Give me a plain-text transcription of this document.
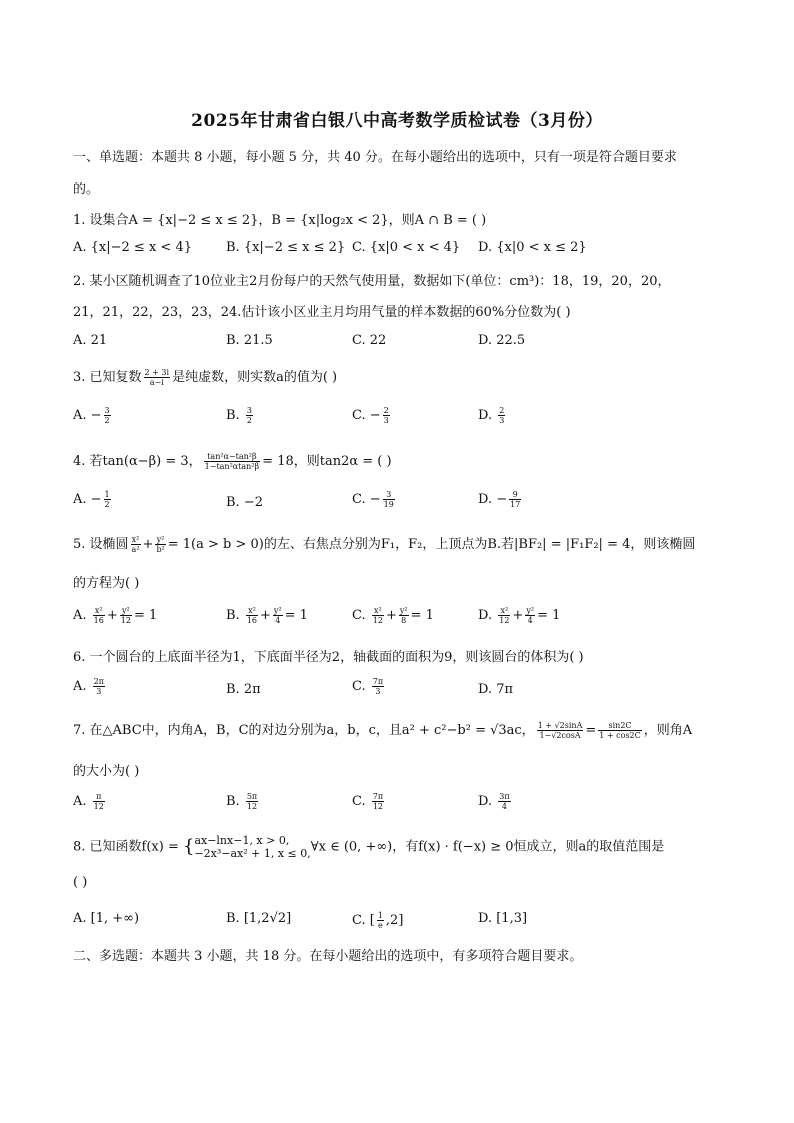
2025年甘肃省白银八中高考数学质检试卷（3月份）
一、单选题：本题共 8 小题，每小题 5 分，共 40 分。在每小题给出的选项中，只有一项是符合题目要求
的。
1. 设集合A = {x|−2 ≤ x ≤ 2}，B = {x|log₂x < 2}，则A ∩ B = ( )
A. {x|−2 ≤ x < 4}	B. {x|−2 ≤ x ≤ 2} C. {x|0 < x < 4} D. {x|0 < x ≤ 2}
2. 某小区随机调查了10位业主2月份每户的天然气使用量，数据如下(单位：cm³)：18，19，20，20，
21，21，22，23，23，24.估计该小区业主月均用气量的样本数据的60%分位数为( )
A. 21	B. 21.5	C. 22	D. 22.5
3. 已知复数 $\frac{2 + 3i}{a-i}$ 是纯虚数，则实数a的值为( )
A. − $\frac{3}{2}$	B. $\frac{3}{2}$	C. − $\frac{2}{3}$	D. $\frac{2}{3}$
4. 若tan(α−β) = 3， $\frac{\text{tan²α−tan²β}}{\text{1−tan²αtan²β}} = 18$，则tan2α = ( )
A. − $\frac{1}{2}$	B. −2	C. − $\frac{3}{19}$	D. − $\frac{9}{17}$
5. 设椭圆 $\frac{\text{x²}}{\text{a²}} + \frac{\text{y²}}{\text{b²}} = 1(a > b > 0)$的左、右焦点分别为F₁，F₂，上顶点为B.若|BF₂| = |F₁F₂| = 4，则该椭圆
的方程为( )
A. $\frac{\text{x²}}{16} + \frac{\text{y²}}{12} = 1$	B. $\frac{\text{x²}}{16} + \frac{\text{y²}}{4} = 1$	C. $\frac{\text{x²}}{12} + \frac{\text{y²}}{8} = 1$	D. $\frac{\text{x²}}{12} + \frac{\text{y²}}{4} = 1$
6. 一个圆台的上底面半径为1，下底面半径为2，轴截面的面积为9，则该圆台的体积为( )
A. $\frac{2\pi}{3}$	B. 2π	C. $\frac{7\pi}{3}$	D. 7π
7. 在△ABC中，内角A，B，C的对边分别为a，b，c，且a² + c²−b² = √3ac， $\frac{1 + √2\sin A}{1-√2\cos A} = \frac{\sin 2C}{1 + \cos 2C}$ ，则角A
的大小为( )
A. $\frac{\pi}{12}$	B. $\frac{5\pi}{12}$	C. $\frac{7\pi}{12}$	D. $\frac{3\pi}{4}$
8. 已知函数f(x) = { ax−lnx−1, x > 0,
−2x³−ax² + 1, x ≤ 0, ∀x ∈ (0, +∞)，有f(x) · f(−x) ≥ 0恒成立，则a的取值范围是
( )
A. [1, +∞)	B. [1,2√2]	C. [ $\frac{1}{e} ,2$]	D. [1,3]
二、多选题：本题共 3 小题，共 18 分。在每小题给出的选项中，有多项符合题目要求。
